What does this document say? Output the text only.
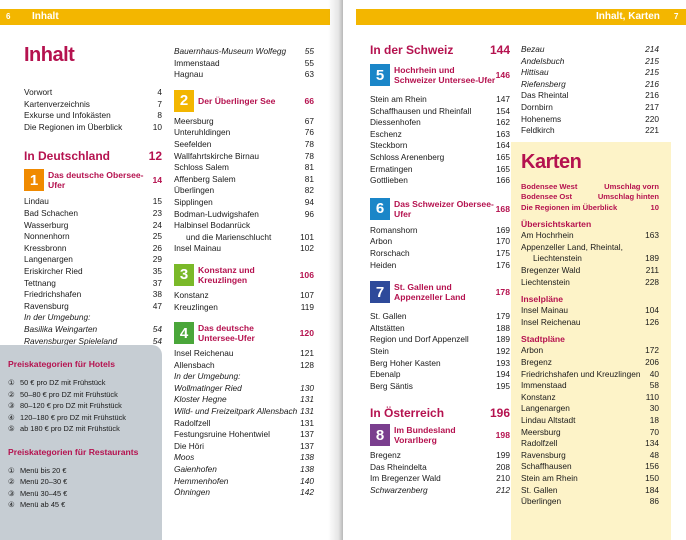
6 Inhalt
Inhalt
Vorwort	4
Kartenverzeichnis	7
Exkurse und Infokästen	8
Die Regionen im Überblick	10
In Deutschland	12
1	Das deutsche Obersee-Ufer	14
Lindau	15
Bad Schachen	23
Wasserburg	24
Nonnenhorn	25
Kressbronn	26
Langenargen	29
Eriskircher Ried	35
Tettnang	37
Friedrichshafen	38
Ravensburg	47
In der Umgebung:
Basilika Weingarten	54
Ravensburger Spieleland	54
Preiskategorien für Hotels
① 50 € pro DZ mit Frühstück
② 50–80 € pro DZ mit Frühstück
③ 80–120 € pro DZ mit Frühstück
④ 120–180 € pro DZ mit Frühstück
⑤ ab 180 € pro DZ mit Frühstück
Preiskategorien für Restaurants
① Menü bis 20 €
② Menü 20–30 €
③ Menü 30–45 €
④ Menü ab 45 €
Bauernhaus-Museum Wolfegg 55
Immenstaad	55
Hagnau	63
2	Der Überlinger See	66
Meersburg	67
Unteruhldingen	76
Seefelden	78
Wallfahrtskirche Birnau	78
Schloss Salem	81
Affenberg Salem	81
Überlingen	82
Sipplingen	94
Bodman-Ludwigshafen	96
Halbinsel Bodanrück
und die Marienschlucht	101
Insel Mainau	102
3	Konstanz und Kreuzlingen	106
Konstanz	107
Kreuzlingen	119
4	Das deutsche
Untersee-Ufer	120
Insel Reichenau	121
Allensbach	128
In der Umgebung:
Wollmatinger Ried	130
Kloster Hegne	131
Wild- und Freizeitpark Allensbach 131
Radolfzell	131
Festungsruine Hohentwiel	137
Die Höri	137
Moos	138
Gaienhofen	138
Hemmenhofen	140
Öhningen	142
Inhalt, Karten 7
In der Schweiz	144
5	Hochrhein und
Schweizer Untersee-Ufer 146
Stein am Rhein	147
Schaffhausen und Rheinfall	154
Diessenhofen	162
Eschenz	163
Steckborn	164
Schloss Arenenberg	165
Ermatingen	165
Gottlieben	166
6	Das Schweizer Obersee-Ufer	168
Romanshorn	169
Arbon	170
Rorschach	175
Heiden	176
7	St. Gallen und
Appenzeller Land	178
St. Gallen	179
Altstätten	188
Region und Dorf Appenzell	189
Stein	192
Berg Hoher Kasten	193
Ebenalp	194
Berg Säntis	195
In Österreich	196
8	Im Bundesland Vorarlberg	198
Bregenz	199
Das Rheindelta	208
Im Bregenzer Wald	210
Schwarzenberg	212
Bezau	214
Andelsbuch	215
Hittisau	215
Riefensberg	216
Das Rheintal	216
Dornbirn	217
Hohenems	220
Feldkirch	221
Karten
Bodensee West	Umschlag vorn
Bodensee Ost	Umschlag hinten
Die Regionen im Überblick	10
Übersichtskarten
Am Hochrhein	163
Appenzeller Land, Rheintal,
Liechtenstein	189
Bregenzer Wald	211
Liechtenstein	228
Inselpläne
Insel Mainau	104
Insel Reichenau	126
Stadtpläne
Arbon	172
Bregenz	206
Friedrichshafen und Kreuzlingen 40
Immenstaad	58
Konstanz	110
Langenargen	30
Lindau Altstadt	18
Meersburg	70
Radolfzell	134
Ravensburg	48
Schaffhausen	156
Stein am Rhein	150
St. Gallen	184
Überlingen	86
